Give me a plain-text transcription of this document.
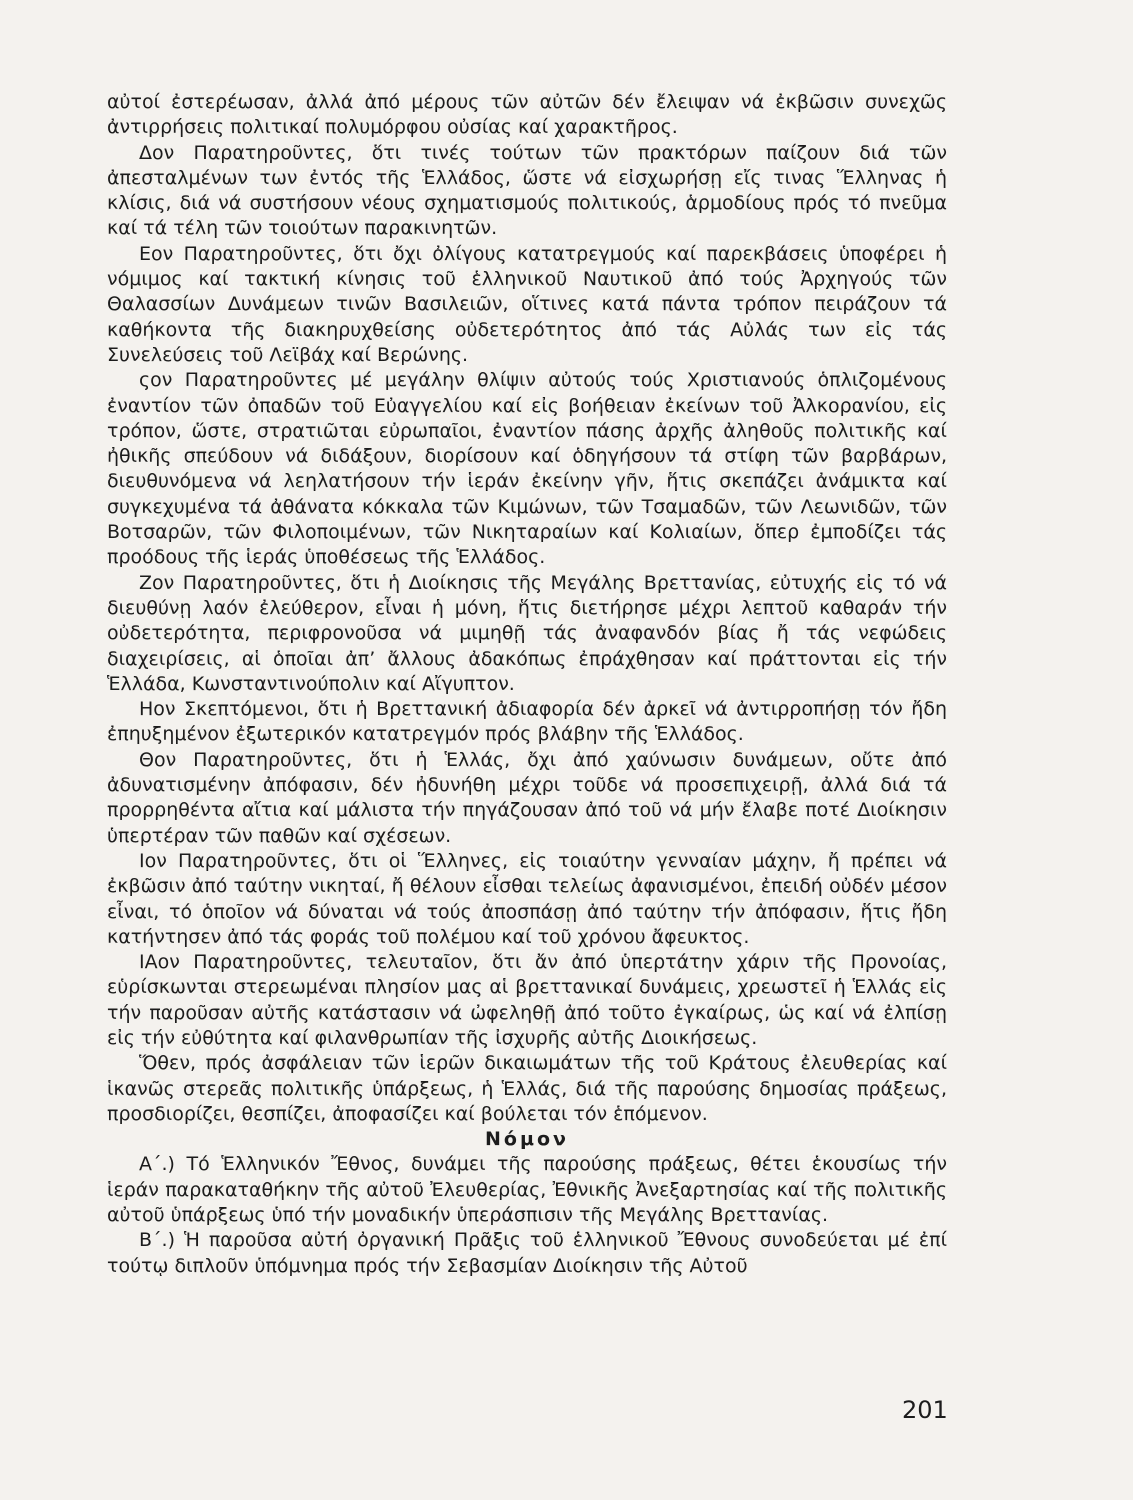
αὐτοί ἐστερέωσαν, ἀλλά ἀπό μέρους τῶν αὐτῶν δέν ἔλειψαν νά ἐκβῶσιν συνεχῶς ἀντιρρήσεις πολιτικαί πολυμόρφου οὐσίας καί χαρακτῆρος.

Δον Παρατηροῦντες, ὅτι τινές τούτων τῶν πρακτόρων παίζουν διά τῶν ἀπεσταλμένων των ἐντός τῆς Ἑλλάδος, ὥστε νά εἰσχωρήσῃ εἴς τινας Ἕλληνας ἡ κλίσις, διά νά συστήσουν νέους σχηματισμούς πολιτικούς, ἁρμοδίους πρός τό πνεῦμα καί τά τέλη τῶν τοιούτων παρακινητῶν.

Εον Παρατηροῦντες, ὅτι ὄχι ὀλίγους κατατρεγμούς καί παρεκβάσεις ὑποφέρει ἡ νόμιμος καί τακτική κίνησις τοῦ ἑλληνικοῦ Ναυτικοῦ ἀπό τούς Ἀρχηγούς τῶν Θαλασσίων Δυνάμεων τινῶν Βασιλειῶν, οἵτινες κατά πάντα τρόπον πειράζουν τά καθήκοντα τῆς διακηρυχθείσης οὐδετερότητος ἀπό τάς Αὐλάς των εἰς τάς Συνελεύσεις τοῦ Λεϊβάχ καί Βερώνης.

ςον Παρατηροῦντες μέ μεγάλην θλίψιν αὐτούς τούς Χριστιανούς ὁπλιζομένους ἐναντίον τῶν ὀπαδῶν τοῦ Εὐαγγελίου καί εἰς βοήθειαν ἐκείνων τοῦ Ἀλκορανίου, εἰς τρόπον, ὥστε, στρατιῶται εὐρωπαῖοι, ἐναντίον πάσης ἀρχῆς ἀληθοῦς πολιτικῆς καί ἠθικῆς σπεύδουν νά διδάξουν, διορίσουν καί ὁδηγήσουν τά στίφη τῶν βαρβάρων, διευθυνόμενα νά λεηλατήσουν τήν ἱεράν ἐκείνην γῆν, ἥτις σκεπάζει ἀνάμικτα καί συγκεχυμένα τά ἀθάνατα κόκκαλα τῶν Κιμώνων, τῶν Τσαμαδῶν, τῶν Λεωνιδῶν, τῶν Βοτσαρῶν, τῶν Φιλοποιμένων, τῶν Νικηταραίων καί Κολιαίων, ὅπερ ἐμποδίζει τάς προόδους τῆς ἱεράς ὑποθέσεως τῆς Ἑλλάδος.

Ζον Παρατηροῦντες, ὅτι ἡ Διοίκησις τῆς Μεγάλης Βρεττανίας, εὐτυχής εἰς τό νά διευθύνῃ λαόν ἐλεύθερον, εἶναι ἡ μόνη, ἥτις διετήρησε μέχρι λεπτοῦ καθαράν τήν οὐδετερότητα, περιφρονοῦσα νά μιμηθῇ τάς ἀναφανδόν βίας ἤ τάς νεφώδεις διαχειρίσεις, αἱ ὁποῖαι ἀπ’ ἄλλους ἀδακόπως ἐπράχθησαν καί πράττονται εἰς τήν Ἑλλάδα, Κωνσταντινούπολιν καί Αἴγυπτον.

Ηον Σκεπτόμενοι, ὅτι ἡ Βρεττανική ἀδιαφορία δέν ἀρκεῖ νά ἀντιρροπήσῃ τόν ἤδη ἐπηυξημένον ἐξωτερικόν κατατρεγμόν πρός βλάβην τῆς Ἑλλάδος.

Θον Παρατηροῦντες, ὅτι ἡ Ἑλλάς, ὄχι ἀπό χαύνωσιν δυνάμεων, οὔτε ἀπό ἀδυνατισμένην ἀπόφασιν, δέν ἠδυνήθη μέχρι τοῦδε νά προσεπιχειρῇ, ἀλλά διά τά προρρηθέντα αἴτια καί μάλιστα τήν πηγάζουσαν ἀπό τοῦ νά μήν ἔλαβε ποτέ Διοίκησιν ὑπερτέραν τῶν παθῶν καί σχέσεων.

Ιον Παρατηροῦντες, ὅτι οἱ Ἕλληνες, εἰς τοιαύτην γενναίαν μάχην, ἤ πρέπει νά ἐκβῶσιν ἀπό ταύτην νικηταί, ἤ θέλουν εἶσθαι τελείως ἀφανισμένοι, ἐπειδή οὐδέν μέσον εἶναι, τό ὁποῖον νά δύναται νά τούς ἀποσπάσῃ ἀπό ταύτην τήν ἀπόφασιν, ἥτις ἤδη κατήντησεν ἀπό τάς φοράς τοῦ πολέμου καί τοῦ χρόνου ἄφευκτος.

ΙΑον Παρατηροῦντες, τελευταῖον, ὅτι ἄν ἀπό ὑπερτάτην χάριν τῆς Προνοίας, εὑρίσκωνται στερεωμέναι πλησίον μας αἱ βρεττανικαί δυνάμεις, χρεωστεῖ ἡ Ἑλλάς εἰς τήν παροῦσαν αὐτῆς κατάστασιν νά ὠφεληθῇ ἀπό τοῦτο ἐγκαίρως, ὡς καί νά ἐλπίσῃ εἰς τήν εὐθύτητα καί φιλανθρωπίαν τῆς ἰσχυρῆς αὐτῆς Διοικήσεως.

Ὅθεν, πρός ἀσφάλειαν τῶν ἱερῶν δικαιωμάτων τῆς τοῦ Κράτους ἐλευθερίας καί ἱκανῶς στερεᾶς πολιτικῆς ὑπάρξεως, ἡ Ἑλλάς, διά τῆς παρούσης δημοσίας πράξεως, προσδιορίζει, θεσπίζει, ἀποφασίζει καί βούλεται τόν ἑπόμενον.

Νόμον

Α΄.) Τό Ἑλληνικόν Ἔθνος, δυνάμει τῆς παρούσης πράξεως, θέτει ἑκουσίως τήν ἱεράν παρακαταθήκην τῆς αὐτοῦ Ἐλευθερίας, Ἐθνικῆς Ἀνεξαρτησίας καί τῆς πολιτικῆς αὐτοῦ ὑπάρξεως ὑπό τήν μοναδικήν ὑπεράσπισιν τῆς Μεγάλης Βρεττανίας.

Β΄.) Ἡ παροῦσα αὐτή ὀργανική Πρᾶξις τοῦ ἑλληνικοῦ Ἔθνους συνοδεύεται μέ ἐπί τούτῳ διπλοῦν ὑπόμνημα πρός τήν Σεβασμίαν Διοίκησιν τῆς Αὐτοῦ

201
